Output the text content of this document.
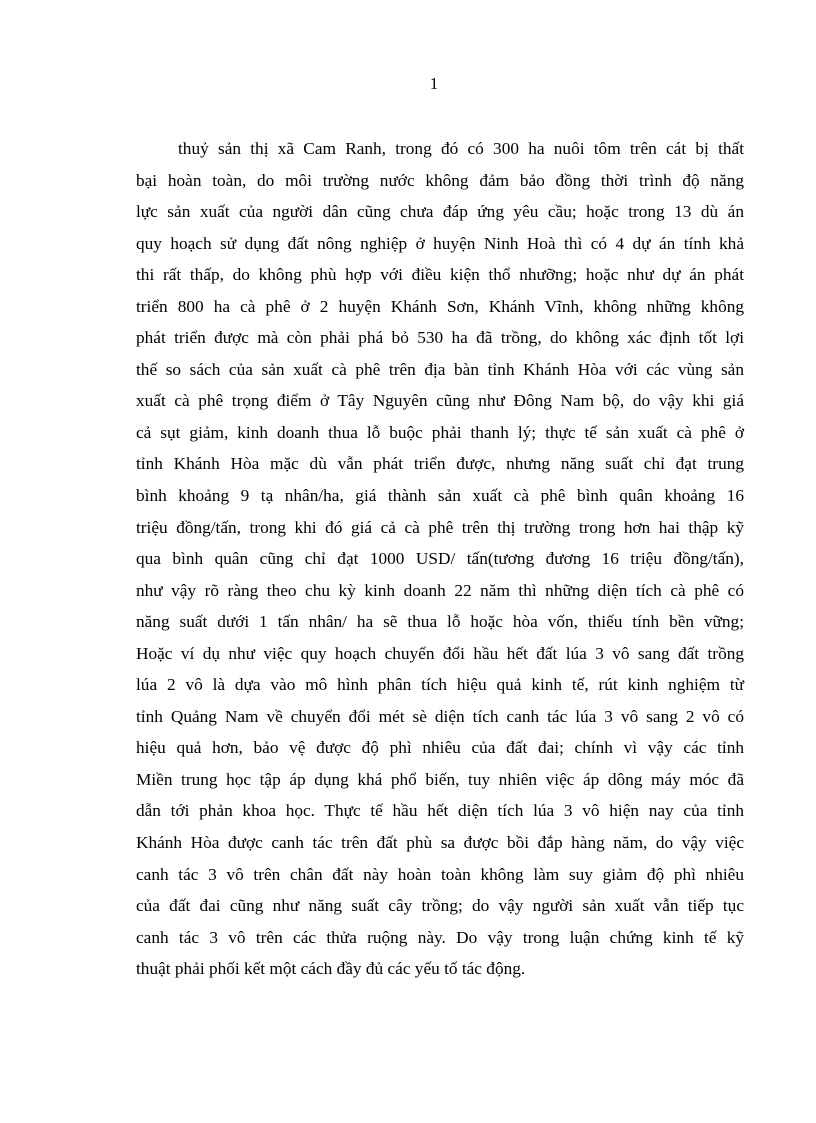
1
thuỷ sản thị xã Cam Ranh, trong đó có 300 ha nuôi tôm trên cát bị thất
bại hoàn toàn, do môi trường nước không đảm bảo đồng thời trình độ năng
lực sản xuất của người dân cũng chưa đáp ứng yêu cầu; hoặc trong 13 dù án
quy hoạch sử dụng đất nông nghiệp ở huyện Ninh Hoà thì có 4 dự án tính khả
thi rất thấp, do không phù hợp với điều kiện thổ nhưỡng; hoặc như dự án phát
triển 800 ha cà phê ở 2 huyện Khánh Sơn, Khánh Vĩnh, không những không
phát triển được mà còn phải phá bỏ 530 ha đã trồng, do không xác định tốt lợi
thế so sách của sản xuất cà phê trên địa bàn tỉnh Khánh Hòa với các vùng sản
xuất cà phê trọng điểm ở Tây Nguyên cũng như Đông Nam bộ, do vậy khi giá
cả sụt giảm, kinh doanh thua lỗ buộc phải thanh lý; thực tế sản xuất cà phê ở
tỉnh Khánh Hòa mặc dù vẫn phát triển được, nhưng năng suất chỉ đạt trung
bình khoảng 9 tạ nhân/ha, giá thành sản xuất cà phê bình quân khoảng 16
triệu đồng/tấn, trong khi đó giá cả cà phê trên thị trường trong hơn hai thập kỹ
qua bình quân cũng chỉ đạt 1000 USD/ tấn(tương đương 16 triệu đồng/tấn),
như vậy rõ ràng theo chu kỳ kinh doanh 22 năm thì những diện tích cà phê có
năng suất dưới 1 tấn nhân/ ha sẽ thua lỗ hoặc hòa vốn, thiếu tính bền vững;
Hoặc ví dụ như việc quy hoạch chuyển đổi hầu hết đất lúa 3 vô sang đất trồng
lúa 2 vô là dựa vào mô hình phân tích hiệu quả kinh tế, rút kinh nghiệm từ
tỉnh Quảng Nam về chuyển đổi mét sè diện tích canh tác lúa 3 vô sang 2 vô có
hiệu quả hơn, bảo vệ được độ phì nhiêu của đất đai; chính vì vậy các tỉnh
Miền trung học tập áp dụng khá phổ biến, tuy nhiên việc áp dông máy móc đã
dẫn tới phản khoa học. Thực tế hầu hết diện tích lúa 3 vô hiện nay của tỉnh
Khánh Hòa được canh tác trên đất phù sa được bồi đắp hàng năm, do vậy việc
canh tác 3 vô trên chân đất này hoàn toàn không làm suy giảm độ phì nhiêu
của đất đai cũng như năng suất cây trồng; do vậy người sản xuất vẫn tiếp tục
canh tác 3 vô trên các thửa ruộng này. Do vậy trong luận chứng kinh tế kỹ
thuật phải phối kết một cách đầy đủ các yếu tố tác động.
